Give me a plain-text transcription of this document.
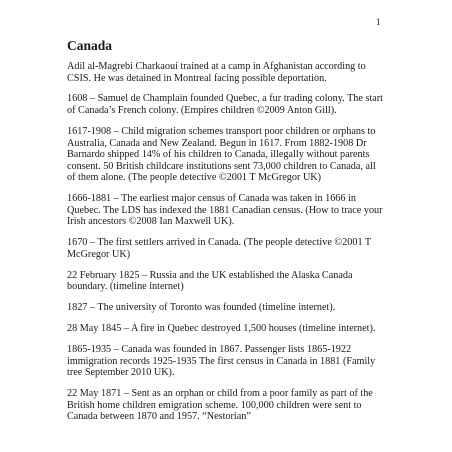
1
Canada

Adil al-Magrebi Charkaoui trained at a camp in Afghanistan according to CSIS. He was detained in Montreal facing possible deportation.

1608 – Samuel de Champlain founded Quebec, a fur trading colony. The start of Canada’s French colony. (Empires children ©2009 Anton Gill).

1617-1908 – Child migration schemes transport poor children or orphans to Australia, Canada and New Zealand. Begun in 1617. From 1882-1908 Dr Barnardo shipped 14% of his children to Canada, illegally without parents consent. 50 British childcare institutions sent 73,000 children to Canada, all of them alone. (The people detective ©2001 T McGregor UK)

1666-1881 – The earliest major census of Canada was taken in 1666 in Quebec. The LDS has indexed the 1881 Canadian census. (How to trace your Irish ancestors ©2008 Ian Maxwell UK).

1670 – The first settlers arrived in Canada. (The people detective ©2001 T McGregor UK)

22 February 1825 – Russia and the UK established the Alaska Canada boundary. (timeline internet)

1827 – The university of Toronto was founded (timeline internet).

28 May 1845 – A fire in Quebec destroyed 1,500 houses (timeline internet).

1865-1935 – Canada was founded in 1867. Passenger lists 1865-1922 immigration records 1925-1935 The first census in Canada in 1881 (Family tree September 2010 UK).

22 May 1871 – Sent as an orphan or child from a poor family as part of the British home children emigration scheme. 100,000 children were sent to Canada between 1870 and 1957. “Nestorian”
